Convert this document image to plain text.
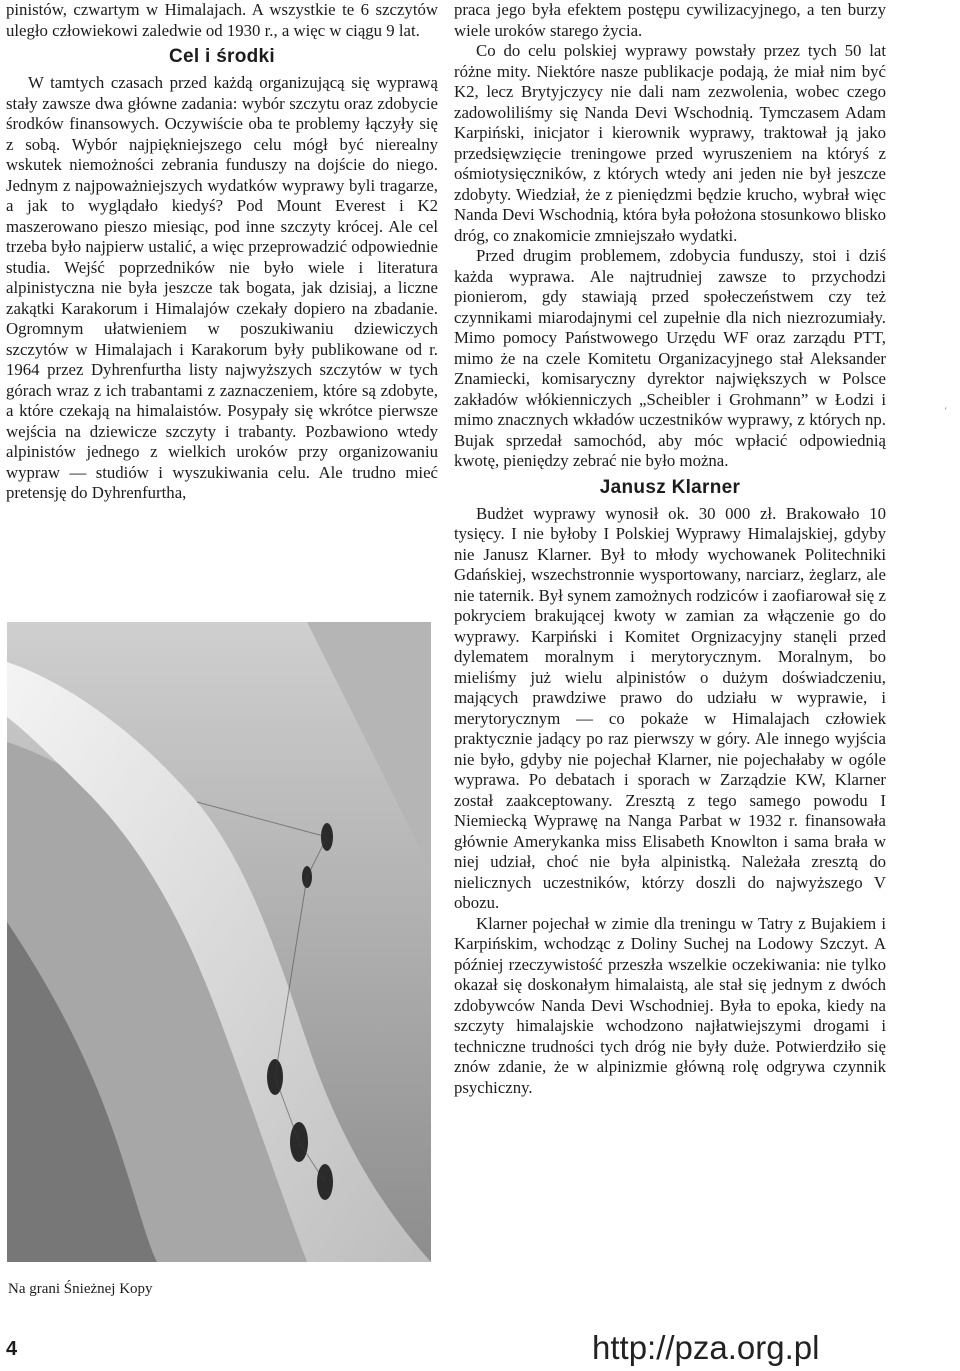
pinistów, czwartym w Himalajach. A wszystkie te 6 szczytów uległo człowiekowi zaledwie od 1930 r., a więc w ciągu 9 lat.

Cel i środki

W tamtych czasach przed każdą organizującą się wyprawą stały zawsze dwa główne zadania: wybór szczytu oraz zdobycie środków finansowych. Oczywiście oba te problemy łączyły się z sobą. Wybór najpiękniejszego celu mógł być nierealny wskutek niemożności zebrania funduszy na dojście do niego. Jednym z najpoważniejszych wydatków wyprawy byli tragarze, a jak to wyglądało kiedyś? Pod Mount Everest i K2 maszerowano pieszo miesiąc, pod inne szczyty krócej. Ale cel trzeba było najpierw ustalić, a więc przeprowadzić odpowiednie studia. Wejść poprzedników nie było wiele i literatura alpinistyczna nie była jeszcze tak bogata, jak dzisiaj, a liczne zakątki Karakorum i Himalajów czekały dopiero na zbadanie. Ogromnym ułatwieniem w poszukiwaniu dziewiczych szczytów w Himalajach i Karakorum były publikowane od r. 1964 przez Dyhrenfurtha listy najwyższych szczytów w tych górach wraz z ich trabantami z zaznaczeniem, które są zdobyte, a które czekają na himalaistów. Posypały się wkrótce pierwsze wejścia na dziewicze szczyty i trabanty. Pozbawiono wtedy alpinistów jednego z wielkich uroków przy organizowaniu wypraw — studiów i wyszukiwania celu. Ale trudno mieć pretensję do Dyhrenfurtha,

Na grani Śnieżnej Kopy

praca jego była efektem postępu cywilizacyjnego, a ten burzy wiele uroków starego życia.

Co do celu polskiej wyprawy powstały przez tych 50 lat różne mity. Niektóre nasze publikacje podają, że miał nim być K2, lecz Brytyjczycy nie dali nam zezwolenia, wobec czego zadowoliliśmy się Nanda Devi Wschodnią. Tymczasem Adam Karpiński, inicjator i kierownik wyprawy, traktował ją jako przedsięwzięcie treningowe przed wyruszeniem na któryś z ośmiotysięczników, z których wtedy ani jeden nie był jeszcze zdobyty. Wiedział, że z pieniędzmi będzie krucho, wybrał więc Nanda Devi Wschodnią, która była położona stosunkowo blisko dróg, co znakomicie zmniejszało wydatki.

Przed drugim problemem, zdobycia funduszy, stoi i dziś każda wyprawa. Ale najtrudniej zawsze to przychodzi pionierom, gdy stawiają przed społeczeństwem czy też czynnikami miarodajnymi cel zupełnie dla nich niezrozumiały. Mimo pomocy Państwowego Urzędu WF oraz zarządu PTT, mimo że na czele Komitetu Organizacyjnego stał Aleksander Znamiecki, komisaryczny dyrektor największych w Polsce zakładów włókienniczych „Scheibler i Grohmann” w Łodzi i mimo znacznych wkładów uczestników wyprawy, z których np. Bujak sprzedał samochód, aby móc wpłacić odpowiednią kwotę, pieniędzy zebrać nie było można.

Janusz Klarner

Budżet wyprawy wynosił ok. 30 000 zł. Brakowało 10 tysięcy. I nie byłoby I Polskiej Wyprawy Himalajskiej, gdyby nie Janusz Klarner. Był to młody wychowanek Politechniki Gdańskiej, wszechstronnie wysportowany, narciarz, żeglarz, ale nie taternik. Był synem zamożnych rodziców i zaofiarował się z pokryciem brakującej kwoty w zamian za włączenie go do wyprawy. Karpiński i Komitet Orgnizacyjny stanęli przed dylematem moralnym i merytorycznym. Moralnym, bo mieliśmy już wielu alpinistów o dużym doświadczeniu, mających prawdziwe prawo do udziału w wyprawie, i merytorycznym — co pokaże w Himalajach człowiek praktycznie jadący po raz pierwszy w góry. Ale innego wyjścia nie było, gdyby nie pojechał Klarner, nie pojechałaby w ogóle wyprawa. Po debatach i sporach w Zarządzie KW, Klarner został zaakceptowany. Zresztą z tego samego powodu I Niemiecką Wyprawę na Nanga Parbat w 1932 r. finansowała głównie Amerykanka miss Elisabeth Knowlton i sama brała w niej udział, choć nie była alpinistką. Należała zresztą do nielicznych uczestników, którzy doszli do najwyższego V obozu.

Klarner pojechał w zimie dla treningu w Tatry z Bujakiem i Karpińskim, wchodząc z Doliny Suchej na Lodowy Szczyt. A później rzeczywistość przeszła wszelkie oczekiwania: nie tylko okazał się doskonałym himalaistą, ale stał się jednym z dwóch zdobywców Nanda Devi Wschodniej. Była to epoka, kiedy na szczyty himalajskie wchodzono najłatwiejszymi drogami i techniczne trudności tych dróg nie były duże. Potwierdziło się znów zdanie, że w alpinizmie główną rolę odgrywa czynnik psychiczny.

4	http://pza.org.pl
ʻ
